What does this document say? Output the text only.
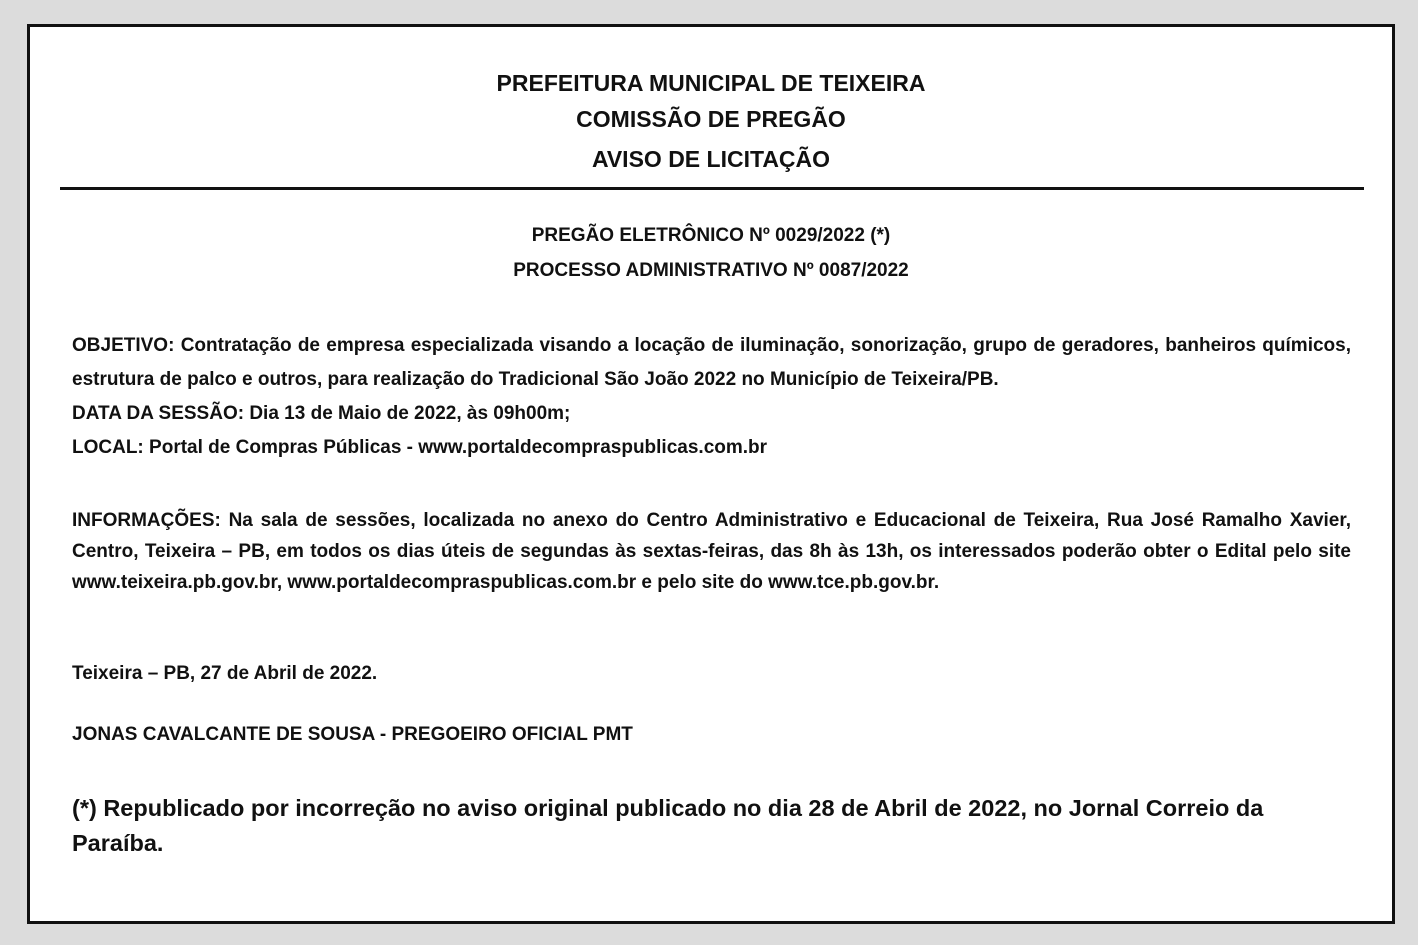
PREFEITURA MUNICIPAL DE TEIXEIRA
COMISSÃO DE PREGÃO
AVISO DE LICITAÇÃO
PREGÃO ELETRÔNICO Nº 0029/2022 (*)
PROCESSO ADMINISTRATIVO Nº 0087/2022
OBJETIVO: Contratação de empresa especializada visando a locação de iluminação, sonorização, grupo de geradores, banheiros químicos, estrutura de palco e outros, para realização do Tradicional São João 2022 no Município de Teixeira/PB.
DATA DA SESSÃO: Dia 13 de Maio de 2022, às 09h00m;
LOCAL: Portal de Compras Públicas - www.portaldecompraspublicas.com.br
INFORMAÇÕES: Na sala de sessões, localizada no anexo do Centro Administrativo e Educacional de Teixeira, Rua José Ramalho Xavier, Centro, Teixeira – PB, em todos os dias úteis de segundas às sextas-feiras, das 8h às 13h, os interessados poderão obter o Edital pelo site www.teixeira.pb.gov.br, www.portaldecompraspublicas.com.br e pelo site do www.tce.pb.gov.br.
Teixeira – PB, 27 de Abril de 2022.
JONAS CAVALCANTE DE SOUSA - PREGOEIRO OFICIAL PMT
(*) Republicado por incorreção no aviso original publicado no dia 28 de Abril de 2022, no Jornal Correio da Paraíba.
